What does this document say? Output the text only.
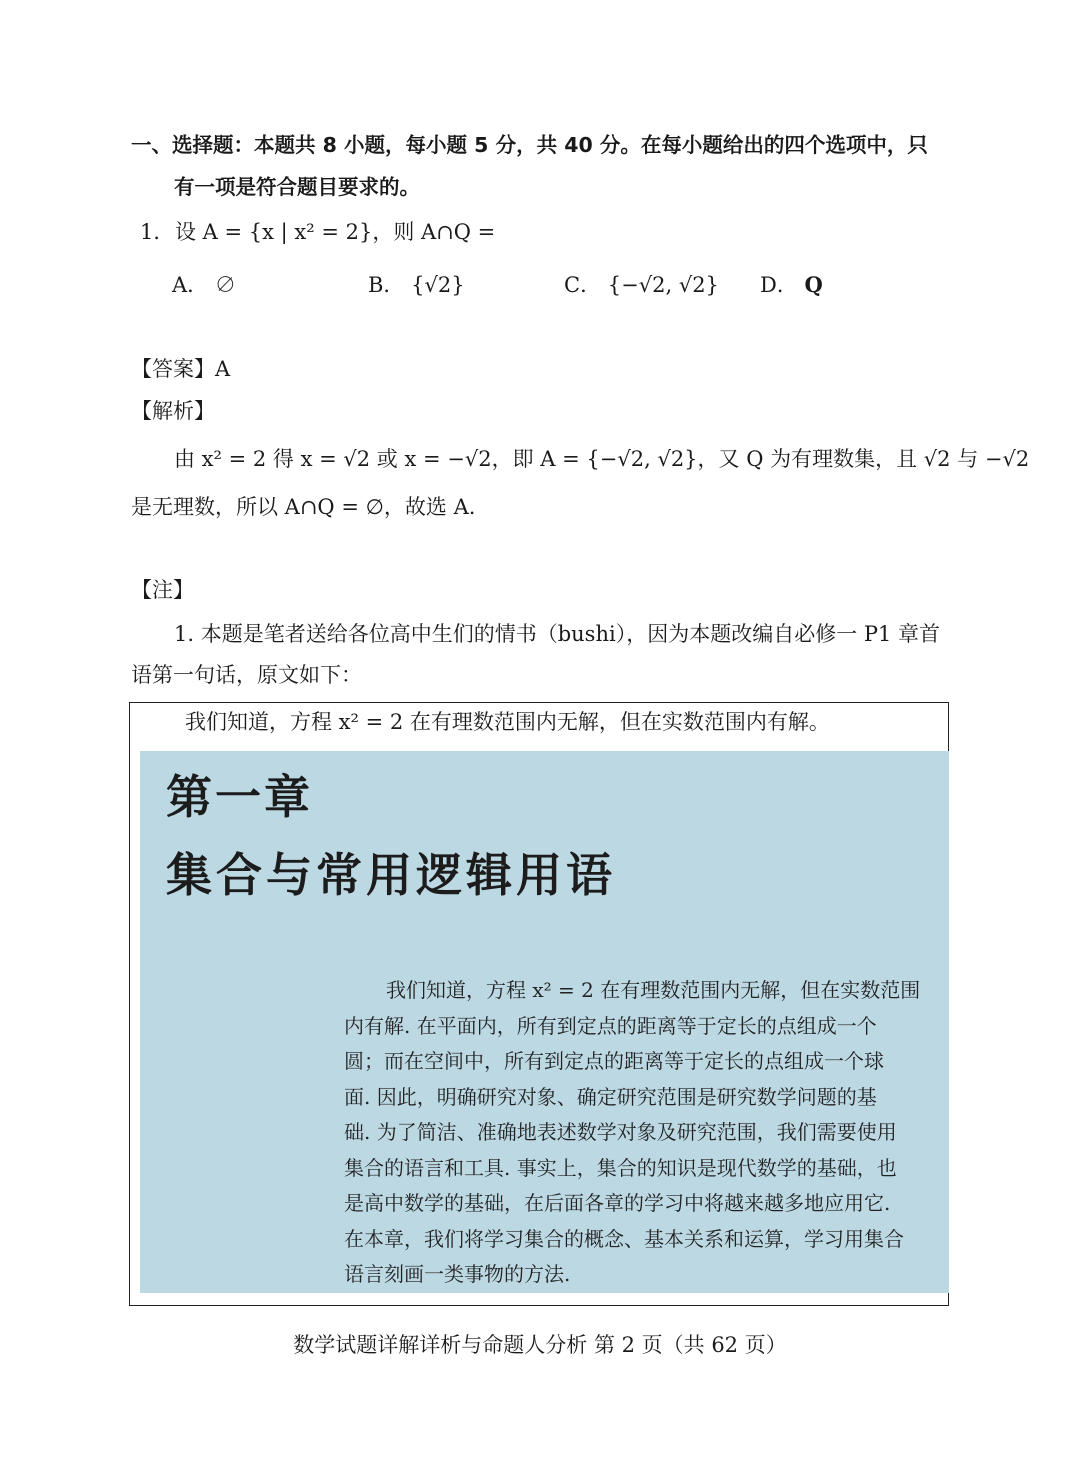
一、选择题：本题共 8 小题，每小题 5 分，共 40 分。在每小题给出的四个选项中，只
有一项是符合题目要求的。
1． 设 A = {x | x² = 2}，则 A∩Q =
A． ∅	B． {√2}	C． {−√2, √2} D． Q
【答案】A
【解析】
由 x² = 2 得 x = √2 或 x = −√2，即 A = {−√2, √2}，又 Q 为有理数集，且 √2 与 −√2
是无理数，所以 A∩Q = ∅，故选 A.
【注】
1. 本题是笔者送给各位高中生们的情书（bushi），因为本题改编自必修一 P1 章首
语第一句话，原文如下：
我们知道，方程 x² = 2 在有理数范围内无解，但在实数范围内有解。
第一章
集合与常用逻辑用语
我们知道，方程 x² = 2 在有理数范围内无解，但在实数范围
内有解. 在平面内，所有到定点的距离等于定长的点组成一个
圆；而在空间中，所有到定点的距离等于定长的点组成一个球
面. 因此，明确研究对象、确定研究范围是研究数学问题的基
础. 为了简洁、准确地表述数学对象及研究范围，我们需要使用
集合的语言和工具. 事实上，集合的知识是现代数学的基础，也
是高中数学的基础，在后面各章的学习中将越来越多地应用它.
在本章，我们将学习集合的概念、基本关系和运算，学习用集合
语言刻画一类事物的方法.
数学试题详解详析与命题人分析 第 2 页（共 62 页）
